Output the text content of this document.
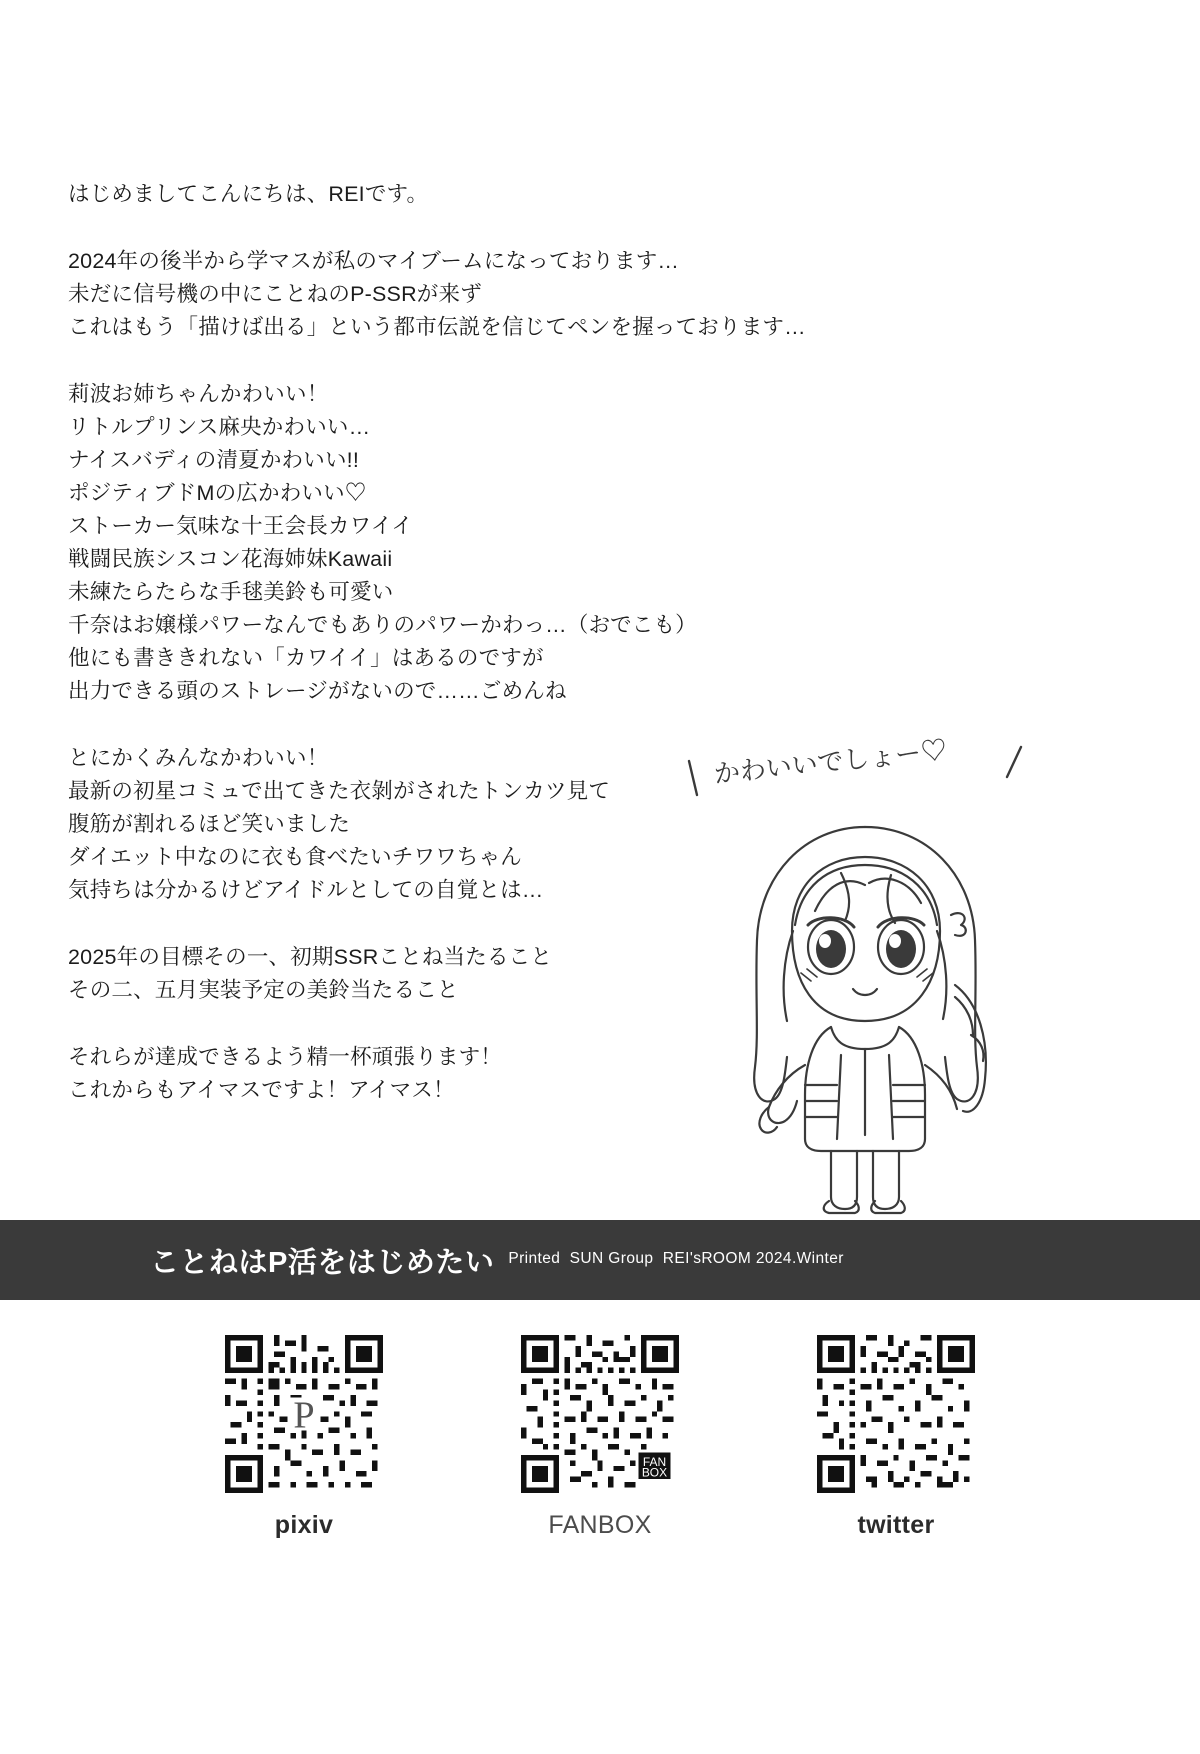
はじめましてこんにちは、REIです。
2024年の後半から学マスが私のマイブームになっております…
未だに信号機の中にことねのP-SSRが来ず
これはもう「描けば出る」という都市伝説を信じてペンを握っております…
莉波お姉ちゃんかわいい！
リトルプリンス麻央かわいい…
ナイスバディの清夏かわいい!!
ポジティブドMの広かわいい♡
ストーカー気味な十王会長カワイイ
戦闘民族シスコン花海姉妹Kawaii
未練たらたらな手毬美鈴も可愛い
千奈はお嬢様パワーなんでもありのパワーかわっ…（おでこも）
他にも書ききれない「カワイイ」はあるのですが
出力できる頭のストレージがないので……ごめんね
とにかくみんなかわいい！
最新の初星コミュで出てきた衣剝がされたトンカツ見て
腹筋が割れるほど笑いました
ダイエット中なのに衣も食べたいチワワちゃん
気持ちは分かるけどアイドルとしての自覚とは…
2025年の目標その一、初期SSRことね当たること
その二、五月実装予定の美鈴当たること
それらが達成できるよう精一杯頑張ります！
これからもアイマスですよ！アイマス！
かわいいでしょー♡
ことねはP活をはじめたい Printed  SUN Group  REI'sROOM 2024.Winter
P
pixiv
FAN
BOX
FANBOX	twitter
